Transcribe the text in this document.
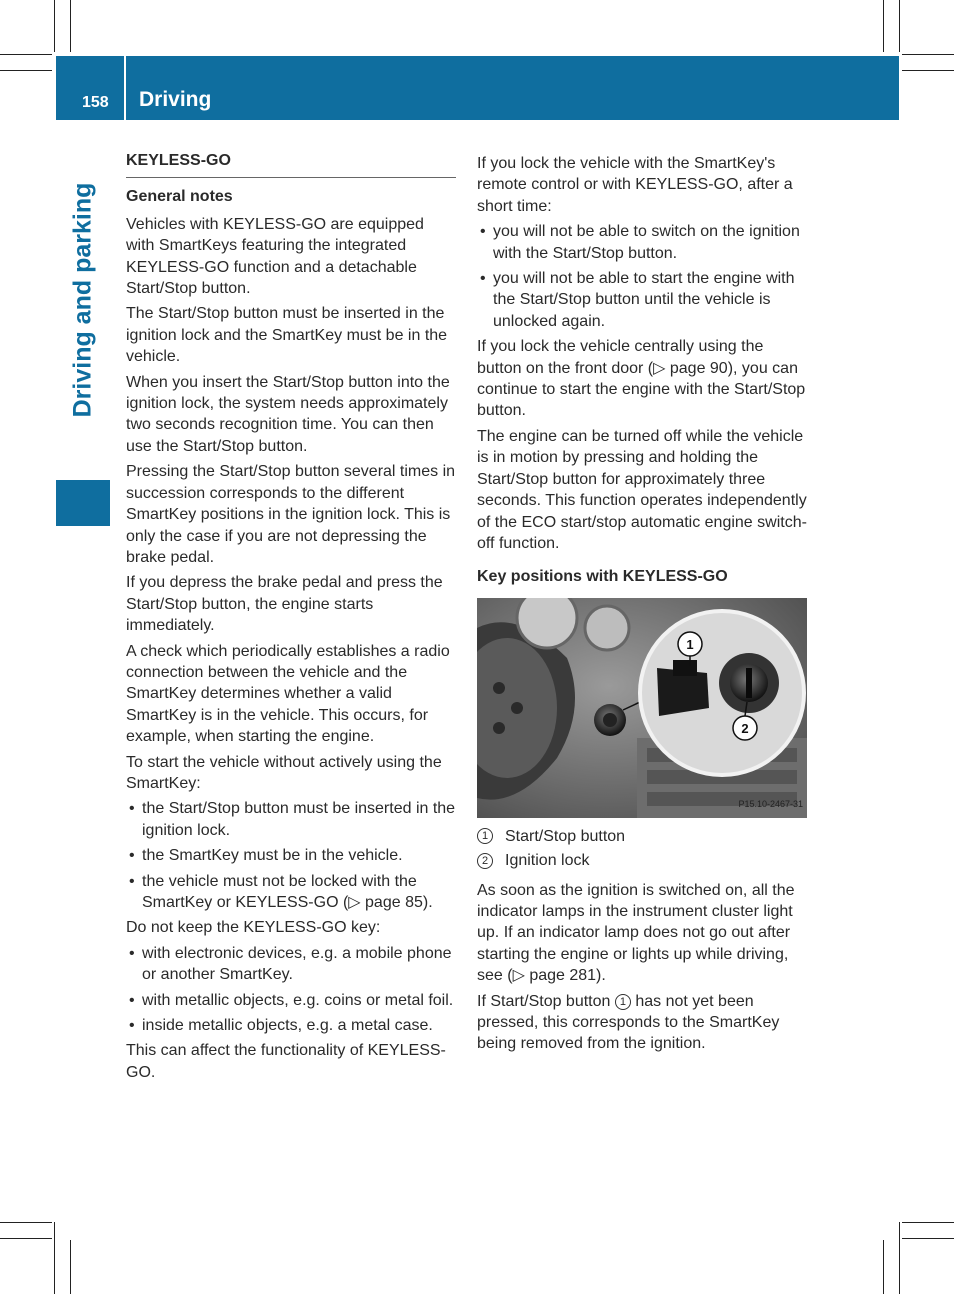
158 Driving
Driving and parking
KEYLESS-GO
General notes

Vehicles with KEYLESS-GO are equipped with SmartKeys featuring the integrated KEYLESS-GO function and a detachable Start/Stop button.

The Start/Stop button must be inserted in the ignition lock and the SmartKey must be in the vehicle.

When you insert the Start/Stop button into the ignition lock, the system needs approximately two seconds recognition time. You can then use the Start/Stop button.

Pressing the Start/Stop button several times in succession corresponds to the different SmartKey positions in the ignition lock. This is only the case if you are not depressing the brake pedal.

If you depress the brake pedal and press the Start/Stop button, the engine starts immediately.

A check which periodically establishes a radio connection between the vehicle and the SmartKey determines whether a valid SmartKey is in the vehicle. This occurs, for example, when starting the engine.

To start the vehicle without actively using the SmartKey:

• the Start/Stop button must be inserted in the ignition lock.
• the SmartKey must be in the vehicle.
• the vehicle must not be locked with the SmartKey or KEYLESS-GO (▷ page 85).

Do not keep the KEYLESS-GO key:

• with electronic devices, e.g. a mobile phone or another SmartKey.
• with metallic objects, e.g. coins or metal foil.
• inside metallic objects, e.g. a metal case.

This can affect the functionality of KEYLESS-GO.

If you lock the vehicle with the SmartKey's remote control or with KEYLESS-GO, after a short time:

• you will not be able to switch on the ignition with the Start/Stop button.
• you will not be able to start the engine with the Start/Stop button until the vehicle is unlocked again.

If you lock the vehicle centrally using the button on the front door (▷ page 90), you can continue to start the engine with the Start/Stop button.

The engine can be turned off while the vehicle is in motion by pressing and holding the Start/Stop button for approximately three seconds. This function operates independently of the ECO start/stop automatic engine switch-off function.

Key positions with KEYLESS-GO
1
2
P15.10-2467-31
1	Start/Stop button
2	Ignition lock

As soon as the ignition is switched on, all the indicator lamps in the instrument cluster light up. If an indicator lamp does not go out after starting the engine or lights up while driving, see (▷ page 281).

If Start/Stop button 1 has not yet been pressed, this corresponds to the SmartKey being removed from the ignition.
